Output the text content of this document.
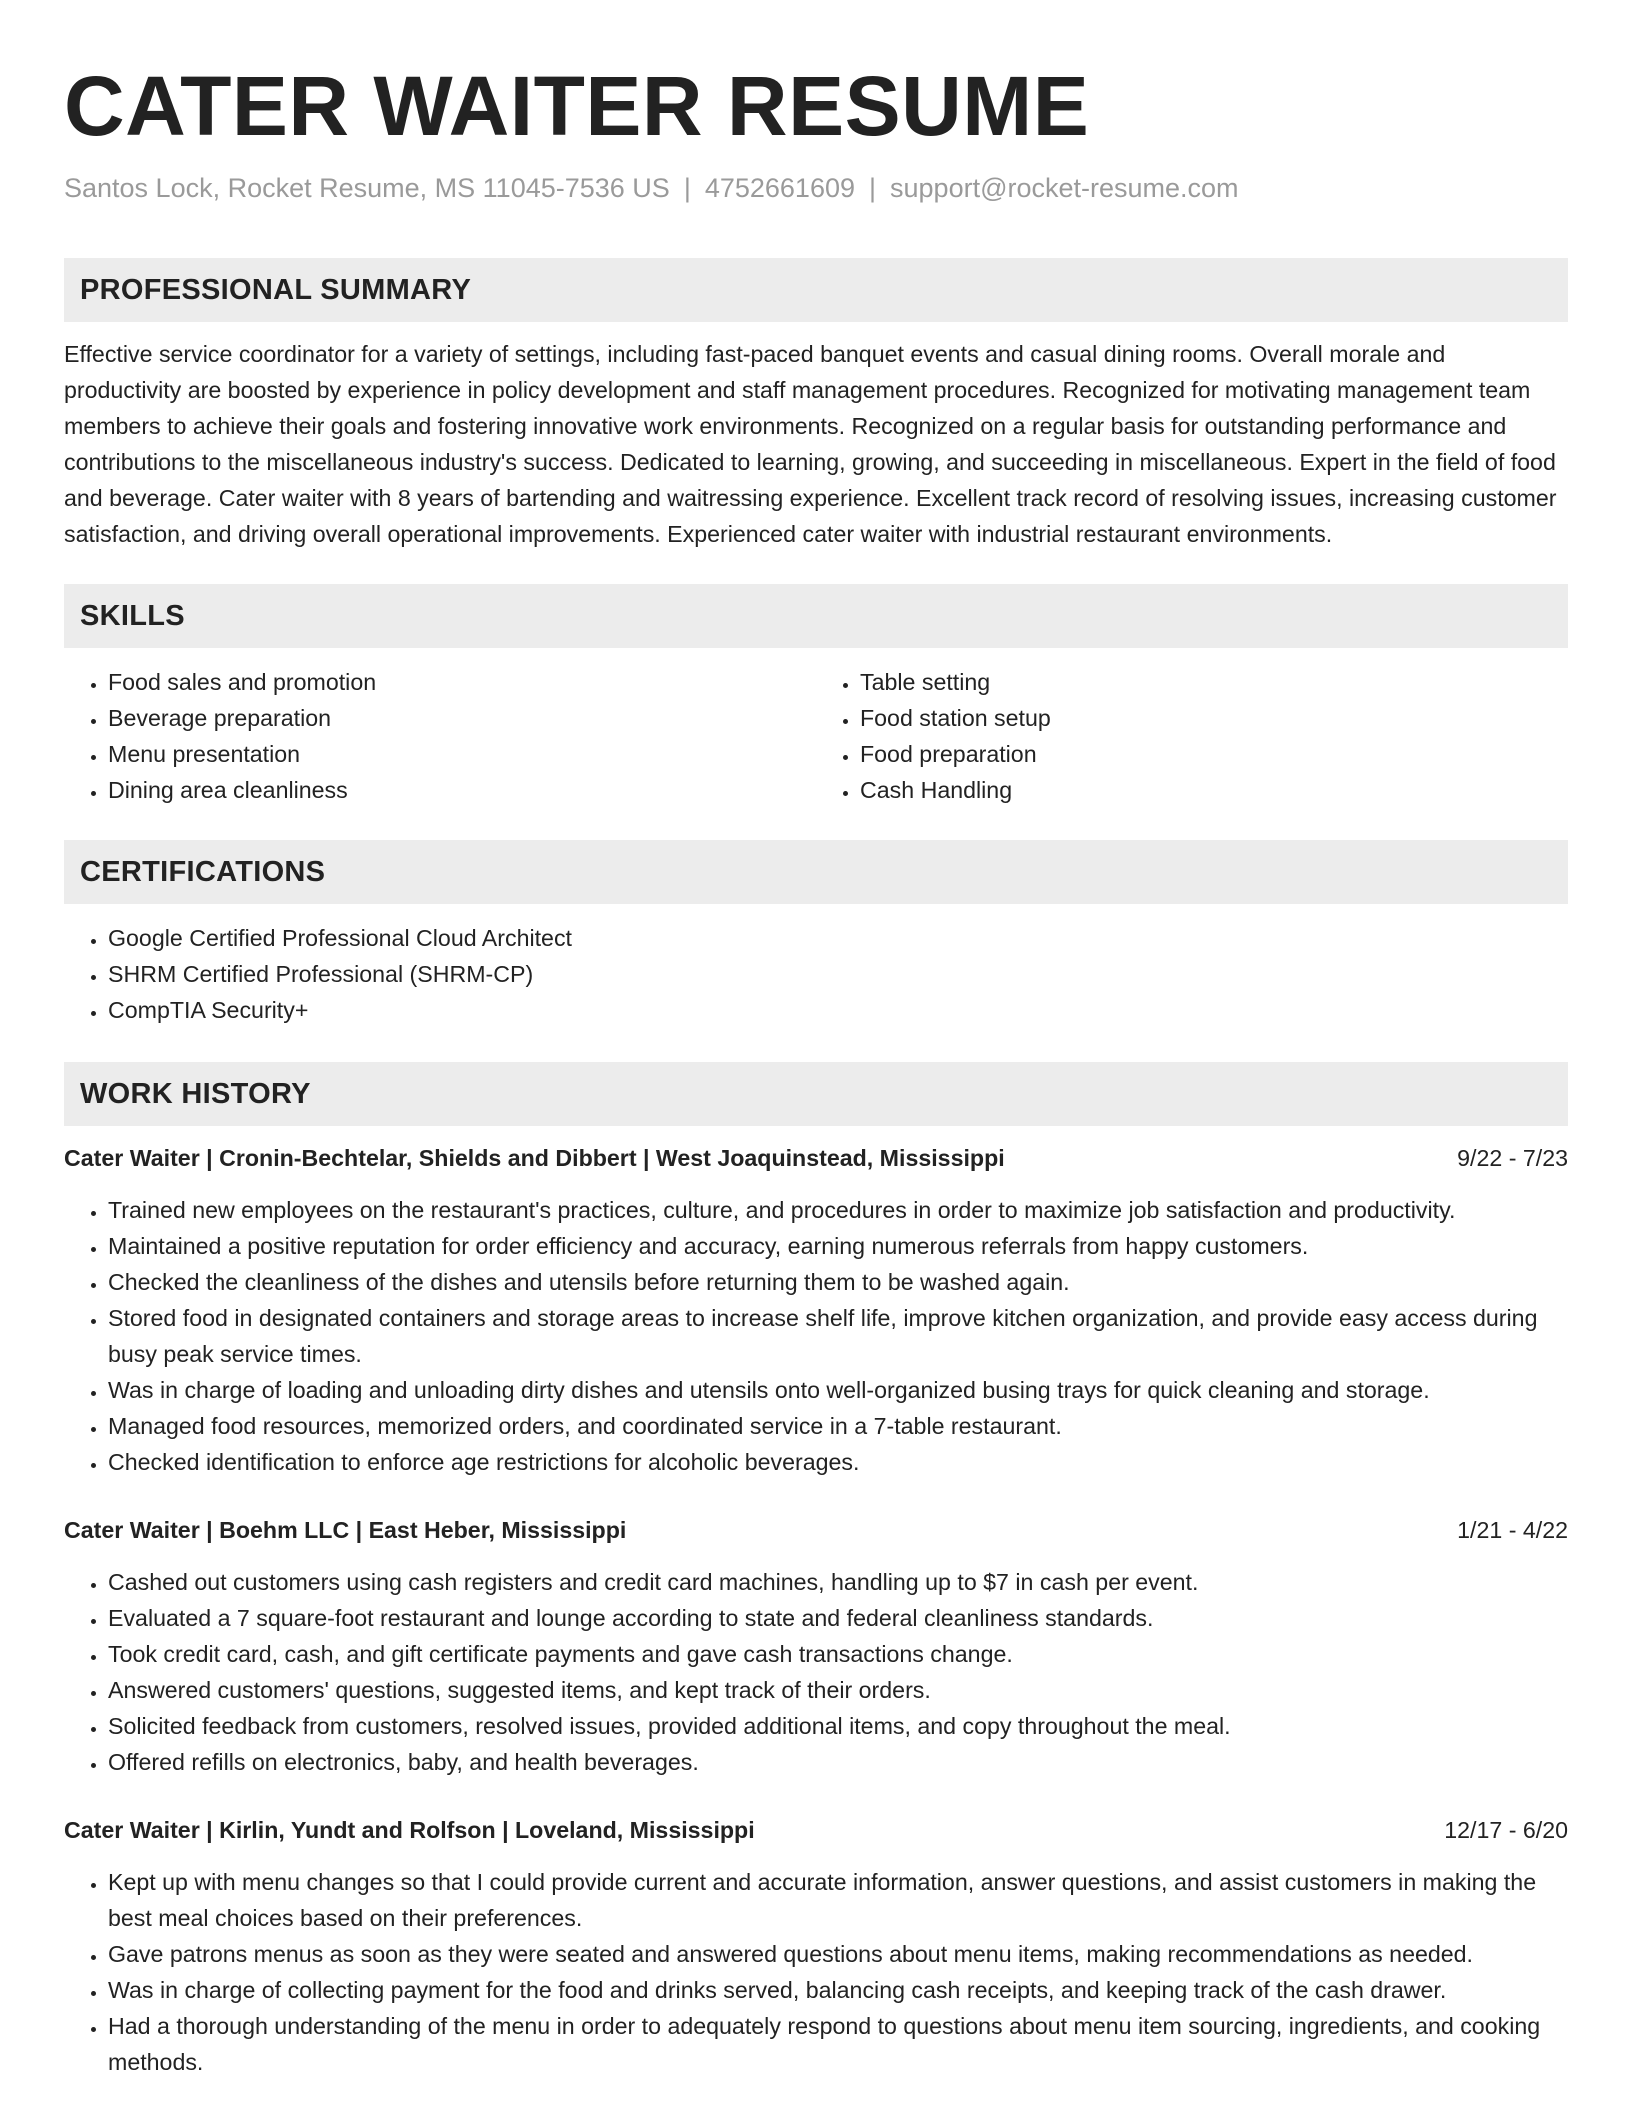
CATER WAITER RESUME
Santos Lock, Rocket Resume, MS 11045-7536 US | 4752661609 | support@rocket-resume.com
PROFESSIONAL SUMMARY

Effective service coordinator for a variety of settings, including fast-paced banquet events and casual dining rooms. Overall morale and productivity are boosted by experience in policy development and staff management procedures. Recognized for motivating management team members to achieve their goals and fostering innovative work environments. Recognized on a regular basis for outstanding performance and contributions to the miscellaneous industry's success. Dedicated to learning, growing, and succeeding in miscellaneous. Expert in the field of food and beverage. Cater waiter with 8 years of bartending and waitressing experience. Excellent track record of resolving issues, increasing customer satisfaction, and driving overall operational improvements. Experienced cater waiter with industrial restaurant environments.

SKILLS
• Food sales and promotion
• Beverage preparation
• Menu presentation
• Dining area cleanliness
• Table setting
• Food station setup
• Food preparation
• Cash Handling
CERTIFICATIONS
• Google Certified Professional Cloud Architect
• SHRM Certified Professional (SHRM-CP)
• CompTIA Security+
WORK HISTORY
Cater Waiter | Cronin-Bechtelar, Shields and Dibbert | West Joaquinstead, Mississippi	9/22 - 7/23
• Trained new employees on the restaurant's practices, culture, and procedures in order to maximize job satisfaction and productivity.
• Maintained a positive reputation for order efficiency and accuracy, earning numerous referrals from happy customers.
• Checked the cleanliness of the dishes and utensils before returning them to be washed again.
• Stored food in designated containers and storage areas to increase shelf life, improve kitchen organization, and provide easy access during busy peak service times.
• Was in charge of loading and unloading dirty dishes and utensils onto well-organized busing trays for quick cleaning and storage.
• Managed food resources, memorized orders, and coordinated service in a 7-table restaurant.
• Checked identification to enforce age restrictions for alcoholic beverages.
Cater Waiter | Boehm LLC | East Heber, Mississippi	1/21 - 4/22
• Cashed out customers using cash registers and credit card machines, handling up to $7 in cash per event.
• Evaluated a 7 square-foot restaurant and lounge according to state and federal cleanliness standards.
• Took credit card, cash, and gift certificate payments and gave cash transactions change.
• Answered customers' questions, suggested items, and kept track of their orders.
• Solicited feedback from customers, resolved issues, provided additional items, and copy throughout the meal.
• Offered refills on electronics, baby, and health beverages.
Cater Waiter | Kirlin, Yundt and Rolfson | Loveland, Mississippi	12/17 - 6/20
• Kept up with menu changes so that I could provide current and accurate information, answer questions, and assist customers in making the best meal choices based on their preferences.
• Gave patrons menus as soon as they were seated and answered questions about menu items, making recommendations as needed.
• Was in charge of collecting payment for the food and drinks served, balancing cash receipts, and keeping track of the cash drawer.
• Had a thorough understanding of the menu in order to adequately respond to questions about menu item sourcing, ingredients, and cooking methods.
